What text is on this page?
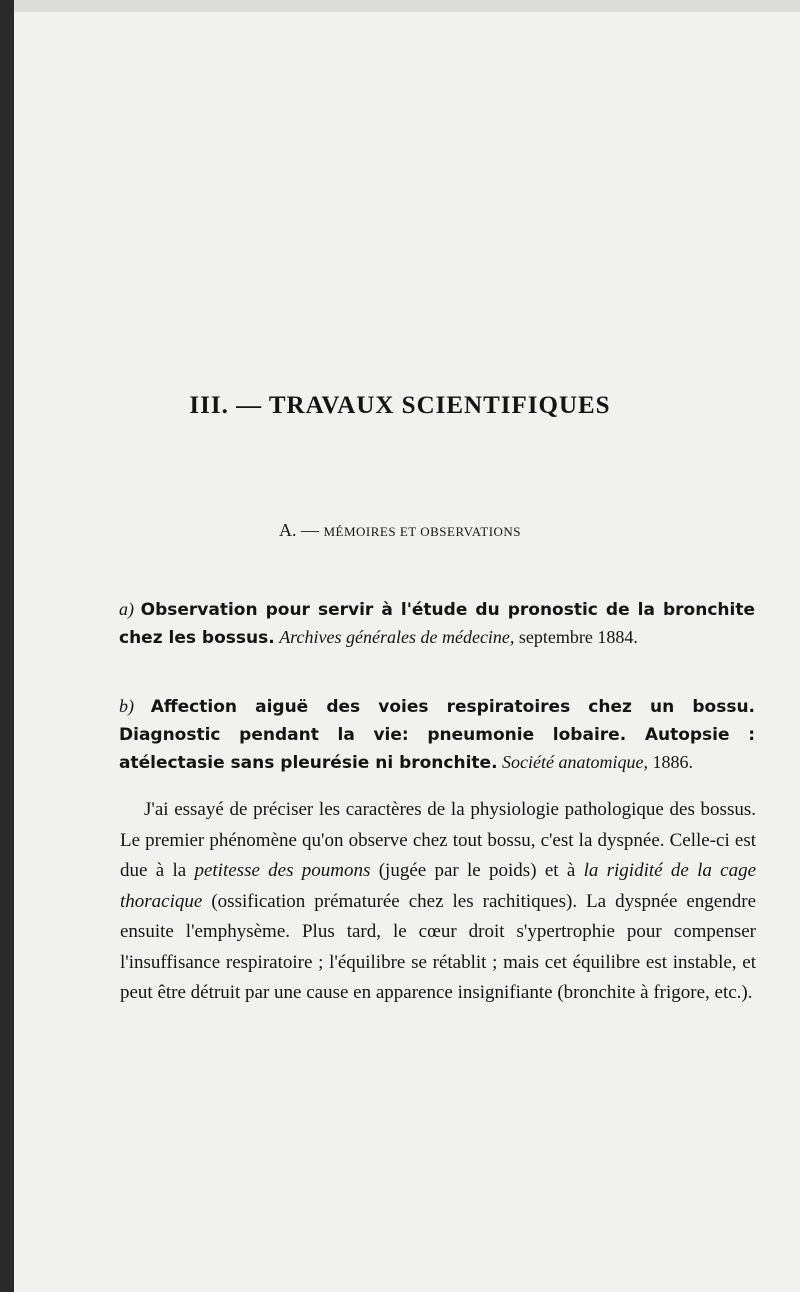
III. — TRAVAUX SCIENTIFIQUES

A. — MÉMOIRES ET OBSERVATIONS

a) Observation pour servir à l'étude du pronostic de la bronchite chez les bossus. Archives générales de médecine, septembre 1884.

b) Affection aiguë des voies respiratoires chez un bossu. Diagnostic pendant la vie: pneumonie lobaire. Autopsie : atélectasie sans pleurésie ni bronchite. Société anatomique, 1886.

J'ai essayé de préciser les caractères de la physiologie pathologique des bossus. Le premier phénomène qu'on observe chez tout bossu, c'est la dyspnée. Celle-ci est due à la petitesse des poumons (jugée par le poids) et à la rigidité de la cage thoracique (ossification prématurée chez les rachitiques). La dyspnée engendre ensuite l'emphysème. Plus tard, le cœur droit s'ypertrophie pour compenser l'insuffisance respiratoire ; l'équilibre se rétablit ; mais cet équilibre est instable, et peut être détruit par une cause en apparence insignifiante (bronchite à frigore, etc.).
